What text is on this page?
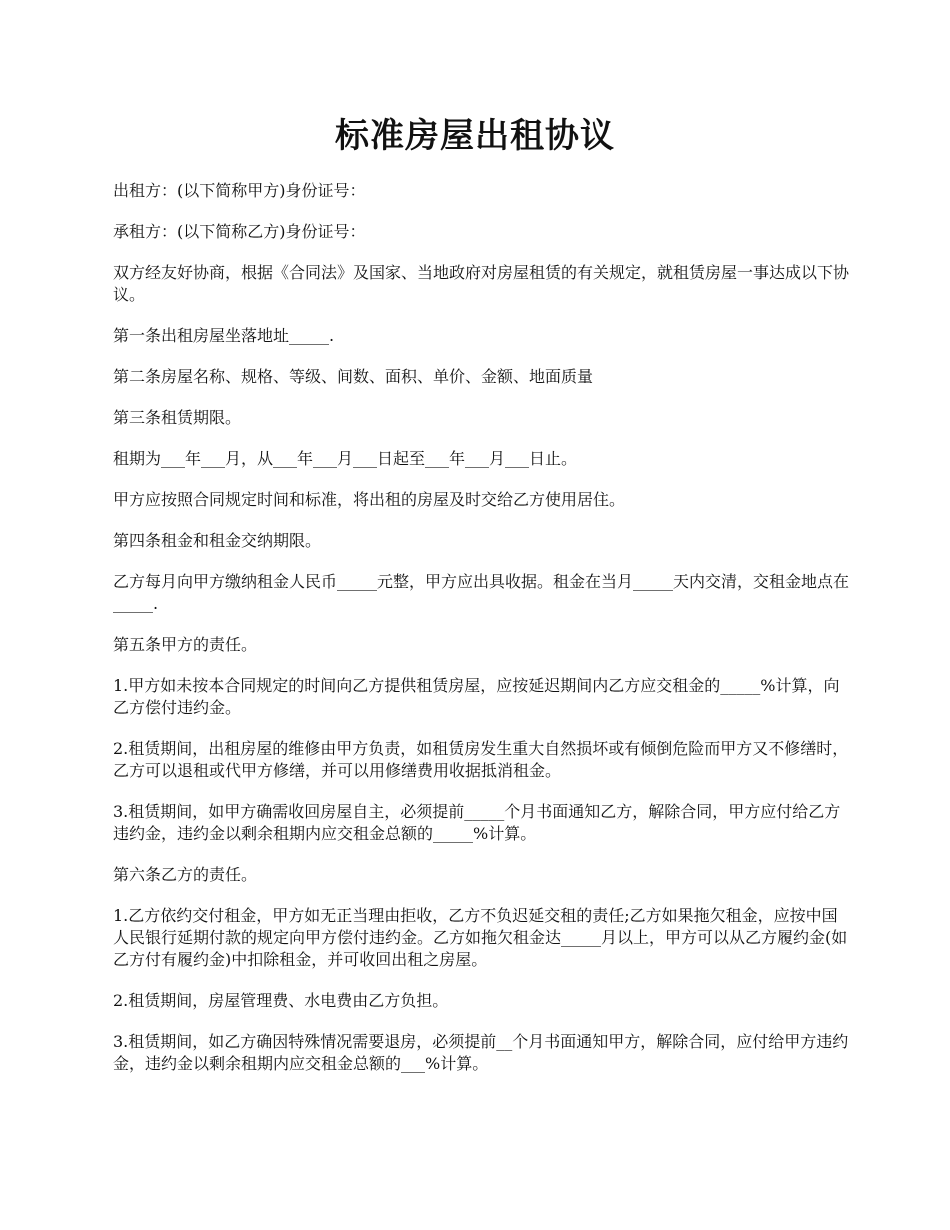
标准房屋出租协议

出租方：(以下简称甲方)身份证号：

承租方：(以下简称乙方)身份证号：

双方经友好协商，根据《合同法》及国家、当地政府对房屋租赁的有关规定，就租赁房屋一事达成以下协议。

第一条出租房屋坐落地址_____.

第二条房屋名称、规格、等级、间数、面积、单价、金额、地面质量

第三条租赁期限。

租期为___年___月，从___年___月___日起至___年___月___日止。

甲方应按照合同规定时间和标准，将出租的房屋及时交给乙方使用居住。

第四条租金和租金交纳期限。

乙方每月向甲方缴纳租金人民币_____元整，甲方应出具收据。租金在当月_____天内交清，交租金地点在_____.

第五条甲方的责任。

1.甲方如未按本合同规定的时间向乙方提供租赁房屋，应按延迟期间内乙方应交租金的_____%计算，向乙方偿付违约金。

2.租赁期间，出租房屋的维修由甲方负责，如租赁房发生重大自然损坏或有倾倒危险而甲方又不修缮时，乙方可以退租或代甲方修缮，并可以用修缮费用收据抵消租金。

3.租赁期间，如甲方确需收回房屋自主，必须提前_____个月书面通知乙方，解除合同，甲方应付给乙方违约金，违约金以剩余租期内应交租金总额的_____%计算。

第六条乙方的责任。

1.乙方依约交付租金，甲方如无正当理由拒收，乙方不负迟延交租的责任;乙方如果拖欠租金，应按中国人民银行延期付款的规定向甲方偿付违约金。乙方如拖欠租金达_____月以上，甲方可以从乙方履约金(如乙方付有履约金)中扣除租金，并可收回出租之房屋。

2.租赁期间，房屋管理费、水电费由乙方负担。

3.租赁期间，如乙方确因特殊情况需要退房，必须提前__个月书面通知甲方，解除合同，应付给甲方违约金，违约金以剩余租期内应交租金总额的___%计算。
